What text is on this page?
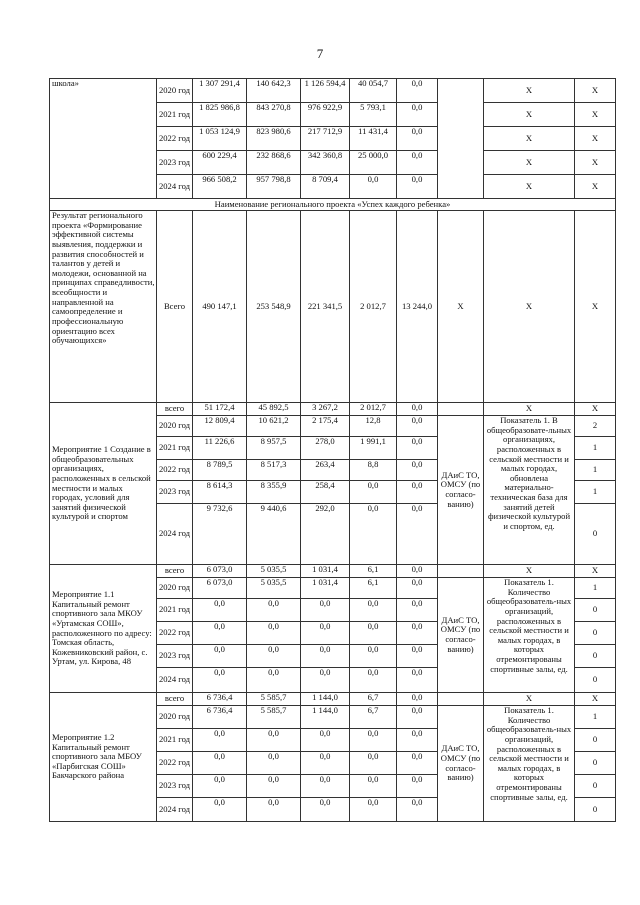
7
школа»	2020 год	1 307 291,4	140 642,3	1 126 594,4	40 054,7	0,0		Х	Х
	2021 год	1 825 986,8	843 270,8	976 922,9	5 793,1	0,0		Х	Х
	2022 год	1 053 124,9	823 980,6	217 712,9	11 431,4	0,0		Х	Х
	2023 год	600 229,4	232 868,6	342 360,8	25 000,0	0,0		Х	Х
	2024 год	966 508,2	957 798,8	8 709,4	0,0	0,0		Х	Х
Наименование регионального проекта «Успех каждого ребенка»									
Результат регионального проекта «Формирование эффективной системы выявления, поддержки и развития способностей и талантов у детей и молодежи, основанной на принципах справедливости, всеобщности и направленной на самоопределение и профессиональную ориентацию всех обучающихся»	Всего	490 147,1	253 548,9	221 341,5	2 012,7	13 244,0	Х	Х	Х
Мероприятие 1 Создание в общеобразовательных организациях, расположенных в сельской местности и малых городах, условий для занятий физической культурой и спортом	всего	51 172,4	45 892,5	3 267,2	2 012,7	0,0		Х	Х
	2020 год	12 809,4	10 621,2	2 175,4	12,8	0,0	ДАиС ТО, ОМСУ (по согласо-ванию)	Показатель 1. В общеобразовате-льных организациях, расположенных в сельской местности и малых городах, обновлена материально-техническая база для занятий детей физической культурой и спортом, ед.	2
	2021 год	11 226,6	8 957,5	278,0	1 991,1	0,0			1
	2022 год	8 789,5	8 517,3	263,4	8,8	0,0			1
	2023 год	8 614,3	8 355,9	258,4	0,0	0,0			1
	2024 год	9 732,6	9 440,6	292,0	0,0	0,0			0
Мероприятие 1.1 Капитальный ремонт спортивного зала МКОУ «Уртамская СОШ», расположенного по адресу: Томская область, Кожевниковский район, с. Уртам, ул. Кирова, 48	всего	6 073,0	5 035,5	1 031,4	6,1	0,0		Х	Х
	2020 год	6 073,0	5 035,5	1 031,4	6,1	0,0	ДАиС ТО, ОМСУ (по согласо-ванию)	Показатель 1. Количество общеобразователь-ных организаций, расположенных в сельской местности и малых городах, в которых отремонтированы спортивные залы, ед.	1
	2021 год	0,0	0,0	0,0	0,0	0,0			0
	2022 год	0,0	0,0	0,0	0,0	0,0			0
	2023 год	0,0	0,0	0,0	0,0	0,0			0
	2024 год	0,0	0,0	0,0	0,0	0,0			0
Мероприятие 1.2 Капитальный ремонт спортивного зала МБОУ «Парбигская СОШ» Бакчарского района	всего	6 736,4	5 585,7	1 144,0	6,7	0,0		Х	Х
	2020 год	6 736,4	5 585,7	1 144,0	6,7	0,0	ДАиС ТО, ОМСУ (по согласо-ванию)	Показатель 1. Количество общеобразователь-ных организаций, расположенных в сельской местности и малых городах, в которых отремонтированы спортивные залы, ед.	1
	2021 год	0,0	0,0	0,0	0,0	0,0			0
	2022 год	0,0	0,0	0,0	0,0	0,0			0
	2023 год	0,0	0,0	0,0	0,0	0,0			0
	2024 год	0,0	0,0	0,0	0,0	0,0			0
